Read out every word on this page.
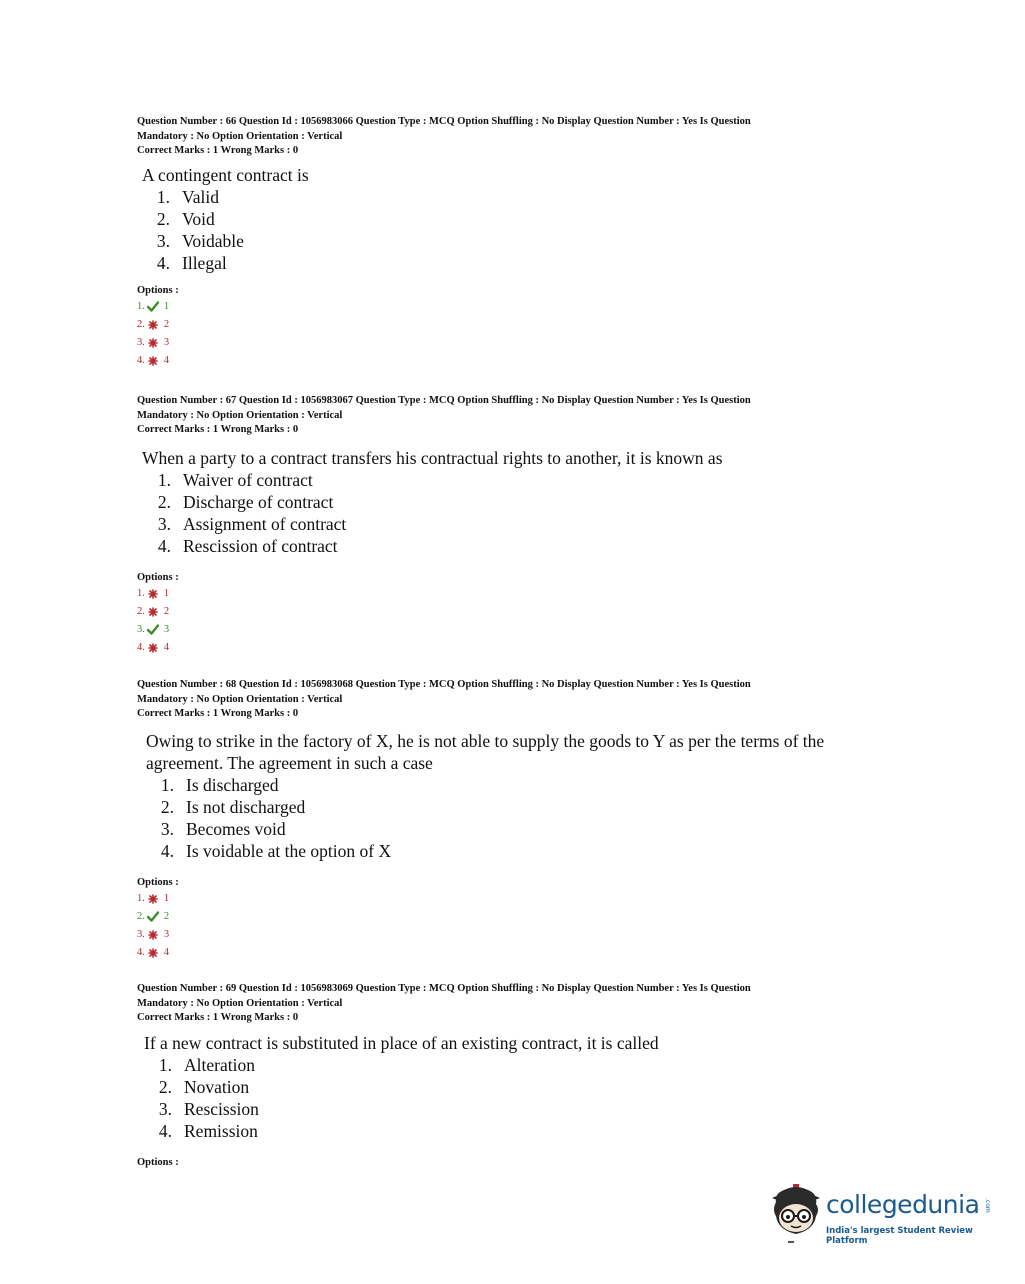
Question Number : 66 Question Id : 1056983066 Question Type : MCQ Option Shuffling : No Display Question Number : Yes Is Question

Mandatory : No Option Orientation : Vertical

Correct Marks : 1 Wrong Marks : 0

A contingent contract is

1. Valid
2. Void
3. Voidable
4. Illegal
Options :
1. 1
2. 2
3. 3
4. 4

Question Number : 67 Question Id : 1056983067 Question Type : MCQ Option Shuffling : No Display Question Number : Yes Is Question

Mandatory : No Option Orientation : Vertical

Correct Marks : 1 Wrong Marks : 0

When a party to a contract transfers his contractual rights to another, it is known as

1. Waiver of contract
2. Discharge of contract
3. Assignment of contract
4. Rescission of contract
Options :
1. 1
2. 2
3. 3
4. 4

Question Number : 68 Question Id : 1056983068 Question Type : MCQ Option Shuffling : No Display Question Number : Yes Is Question

Mandatory : No Option Orientation : Vertical

Correct Marks : 1 Wrong Marks : 0

Owing to strike in the factory of X, he is not able to supply the goods to Y as per the terms of the agreement. The agreement in such a case

1. Is discharged
2. Is not discharged
3. Becomes void
4. Is voidable at the option of X
Options :
1. 1
2. 2
3. 3
4. 4

Question Number : 69 Question Id : 1056983069 Question Type : MCQ Option Shuffling : No Display Question Number : Yes Is Question

Mandatory : No Option Orientation : Vertical

Correct Marks : 1 Wrong Marks : 0

If a new contract is substituted in place of an existing contract, it is called

1. Alteration
2. Novation
3. Rescission
4. Remission
Options :
collegedunia .com
India's largest Student Review Platform
